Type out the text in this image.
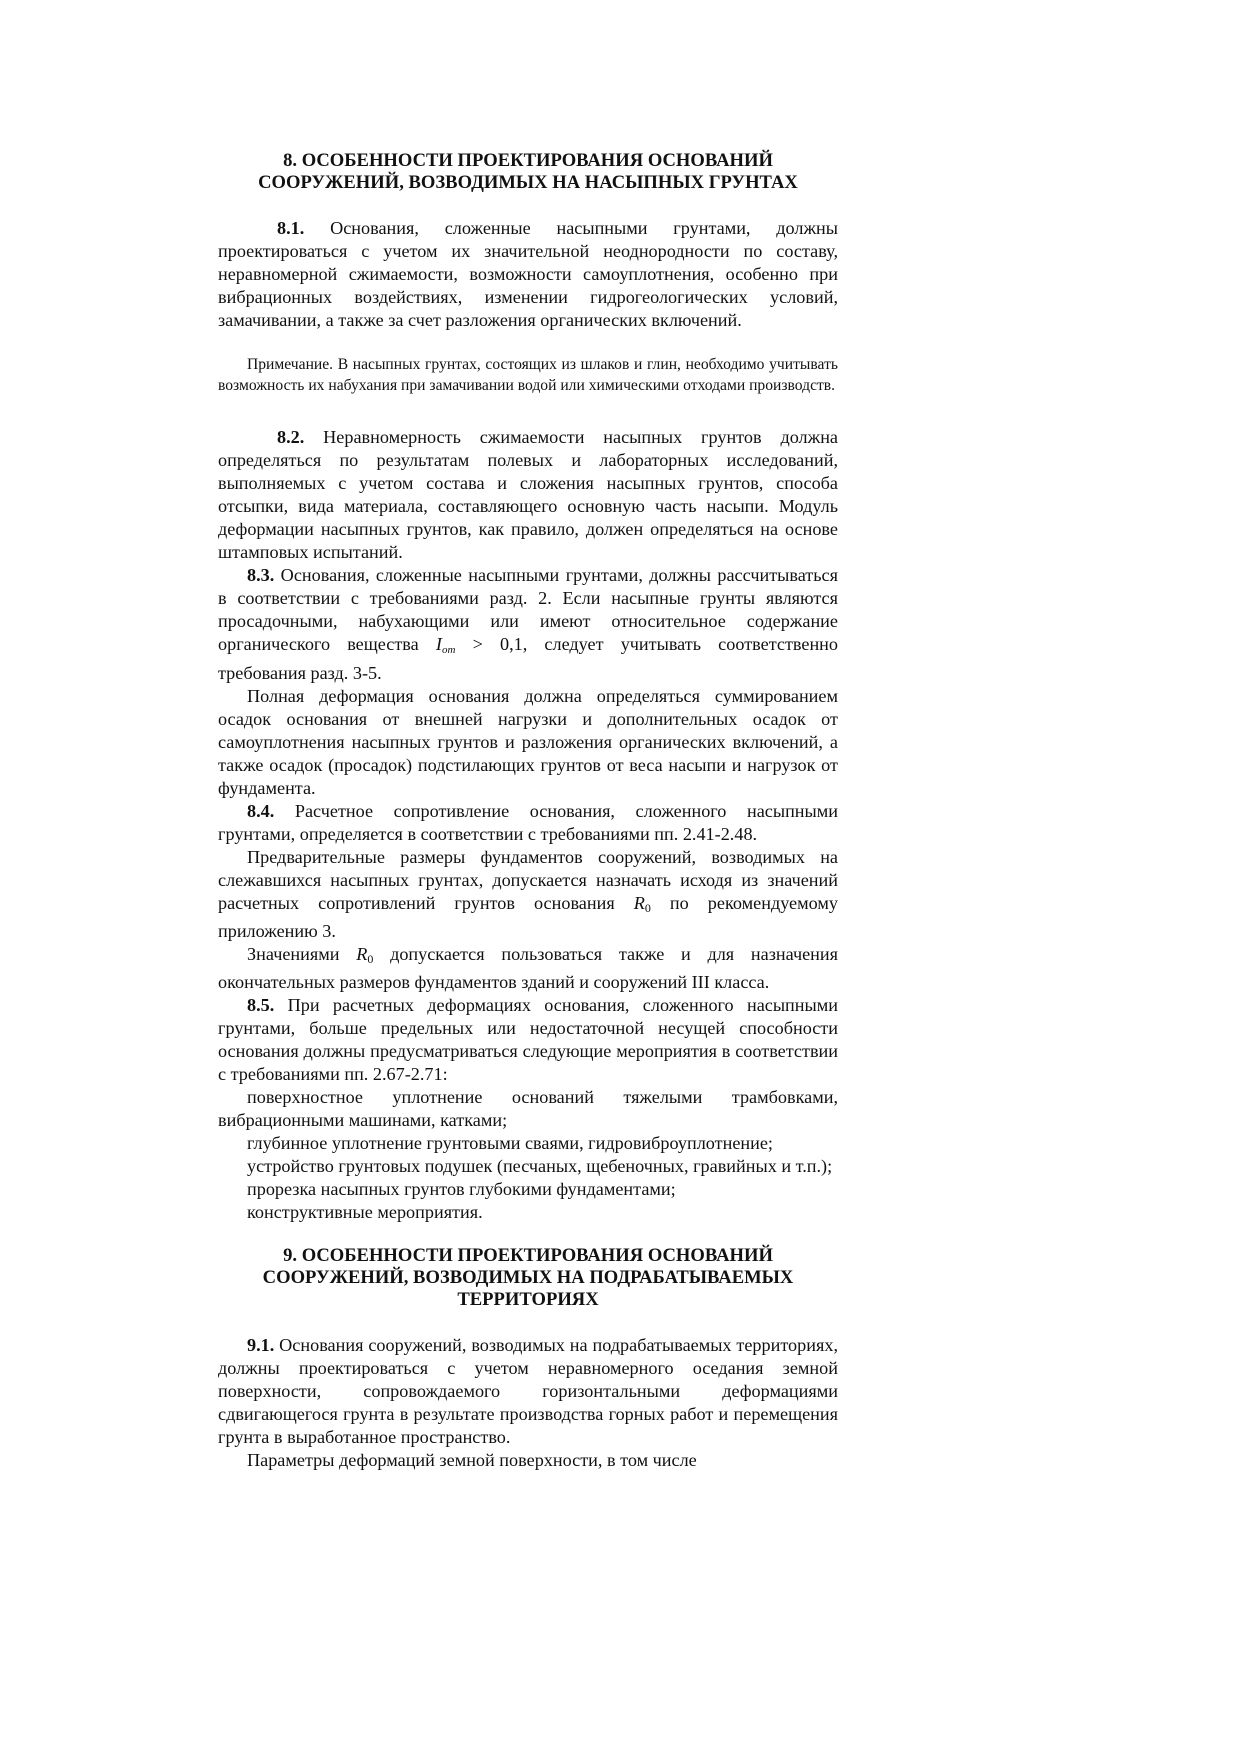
8. ОСОБЕННОСТИ ПРОЕКТИРОВАНИЯ ОСНОВАНИЙ СООРУЖЕНИЙ, ВОЗВОДИМЫХ НА НАСЫПНЫХ ГРУНТАХ

8.1. Основания, сложенные насыпными грунтами, должны проектироваться с учетом их значительной неоднородности по составу, неравномерной сжимаемости, возможности самоуплотнения, особенно при вибрационных воздействиях, изменении гидрогеологических условий, замачивании, а также за счет разложения органических включений.

Примечание. В насыпных грунтах, состоящих из шлаков и глин, необходимо учитывать возможность их набухания при замачивании водой или химическими отходами производств.

8.2. Неравномерность сжимаемости насыпных грунтов должна определяться по результатам полевых и лабораторных исследований, выполняемых с учетом состава и сложения насыпных грунтов, способа отсыпки, вида материала, составляющего основную часть насыпи. Модуль деформации насыпных грунтов, как правило, должен определяться на основе штамповых испытаний.

8.3. Основания, сложенные насыпными грунтами, должны рассчитываться в соответствии с требованиями разд. 2. Если насыпные грунты являются просадочными, набухающими или имеют относительное содержание органического вещества $I_{от} > 0,1$, следует учитывать соответственно требования разд. 3-5.

Полная деформация основания должна определяться суммированием осадок основания от внешней нагрузки и дополнительных осадок от самоуплотнения насыпных грунтов и разложения органических включений, а также осадок (просадок) подстилающих грунтов от веса насыпи и нагрузок от фундамента.

8.4. Расчетное сопротивление основания, сложенного насыпными грунтами, определяется в соответствии с требованиями пп. 2.41-2.48.

Предварительные размеры фундаментов сооружений, возводимых на слежавшихся насыпных грунтах, допускается назначать исходя из значений расчетных сопротивлений грунтов основания R0 по рекомендуемому приложению 3.

Значениями R0 допускается пользоваться также и для назначения окончательных размеров фундаментов зданий и сооружений III класса.

8.5. При расчетных деформациях основания, сложенного насыпными грунтами, больше предельных или недостаточной несущей способности основания должны предусматриваться следующие мероприятия в соответствии с требованиями пп. 2.67-2.71:

поверхностное уплотнение оснований тяжелыми трамбовками, вибрационными машинами, катками;

глубинное уплотнение грунтовыми сваями, гидровиброуплотнение;

устройство грунтовых подушек (песчаных, щебеночных, гравийных и т.п.);

прорезка насыпных грунтов глубокими фундаментами;

конструктивные мероприятия.

9. ОСОБЕННОСТИ ПРОЕКТИРОВАНИЯ ОСНОВАНИЙ СООРУЖЕНИЙ, ВОЗВОДИМЫХ НА ПОДРАБАТЫВАЕМЫХ ТЕРРИТОРИЯХ

9.1. Основания сооружений, возводимых на подрабатываемых территориях, должны проектироваться с учетом неравномерного оседания земной поверхности, сопровождаемого горизонтальными деформациями сдвигающегося грунта в результате производства горных работ и перемещения грунта в выработанное пространство.

Параметры деформаций земной поверхности, в том числе
